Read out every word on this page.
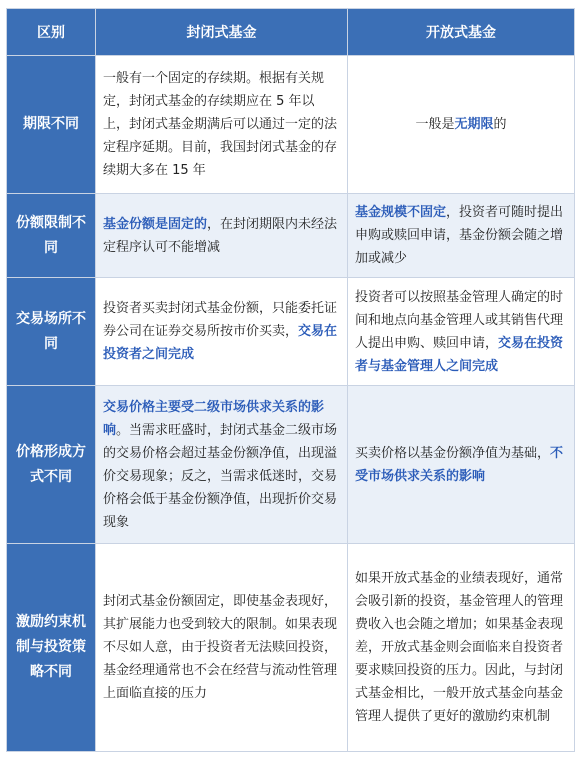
区别	封闭式基金	开放式基金
期限不同	一般有一个固定的存续期。根据有关规定，封闭式基金的存续期应在 5 年以上，封闭式基金期满后可以通过一定的法定程序延期。目前，我国封闭式基金的存续期大多在 15 年	一般是无期限的
份额限制不同	基金份额是固定的，在封闭期限内未经法定程序认可不能增减	基金规模不固定，投资者可随时提出申购或赎回申请，基金份额会随之增加或减少
交易场所不同	投资者买卖封闭式基金份额，只能委托证券公司在证券交易所按市价买卖，交易在投资者之间完成	投资者可以按照基金管理人确定的时间和地点向基金管理人或其销售代理人提出申购、赎回申请，交易在投资者与基金管理人之间完成
价格形成方式不同	交易价格主要受二级市场供求关系的影响。当需求旺盛时，封闭式基金二级市场的交易价格会超过基金份额净值，出现溢价交易现象；反之，当需求低迷时，交易价格会低于基金份额净值，出现折价交易现象	买卖价格以基金份额净值为基础，不受市场供求关系的影响
激励约束机制与投资策略不同	封闭式基金份额固定，即使基金表现好，其扩展能力也受到较大的限制。如果表现不尽如人意，由于投资者无法赎回投资，基金经理通常也不会在经营与流动性管理上面临直接的压力	如果开放式基金的业绩表现好，通常会吸引新的投资，基金管理人的管理费收入也会随之增加；如果基金表现差，开放式基金则会面临来自投资者要求赎回投资的压力。因此，与封闭式基金相比，一般开放式基金向基金管理人提供了更好的激励约束机制
